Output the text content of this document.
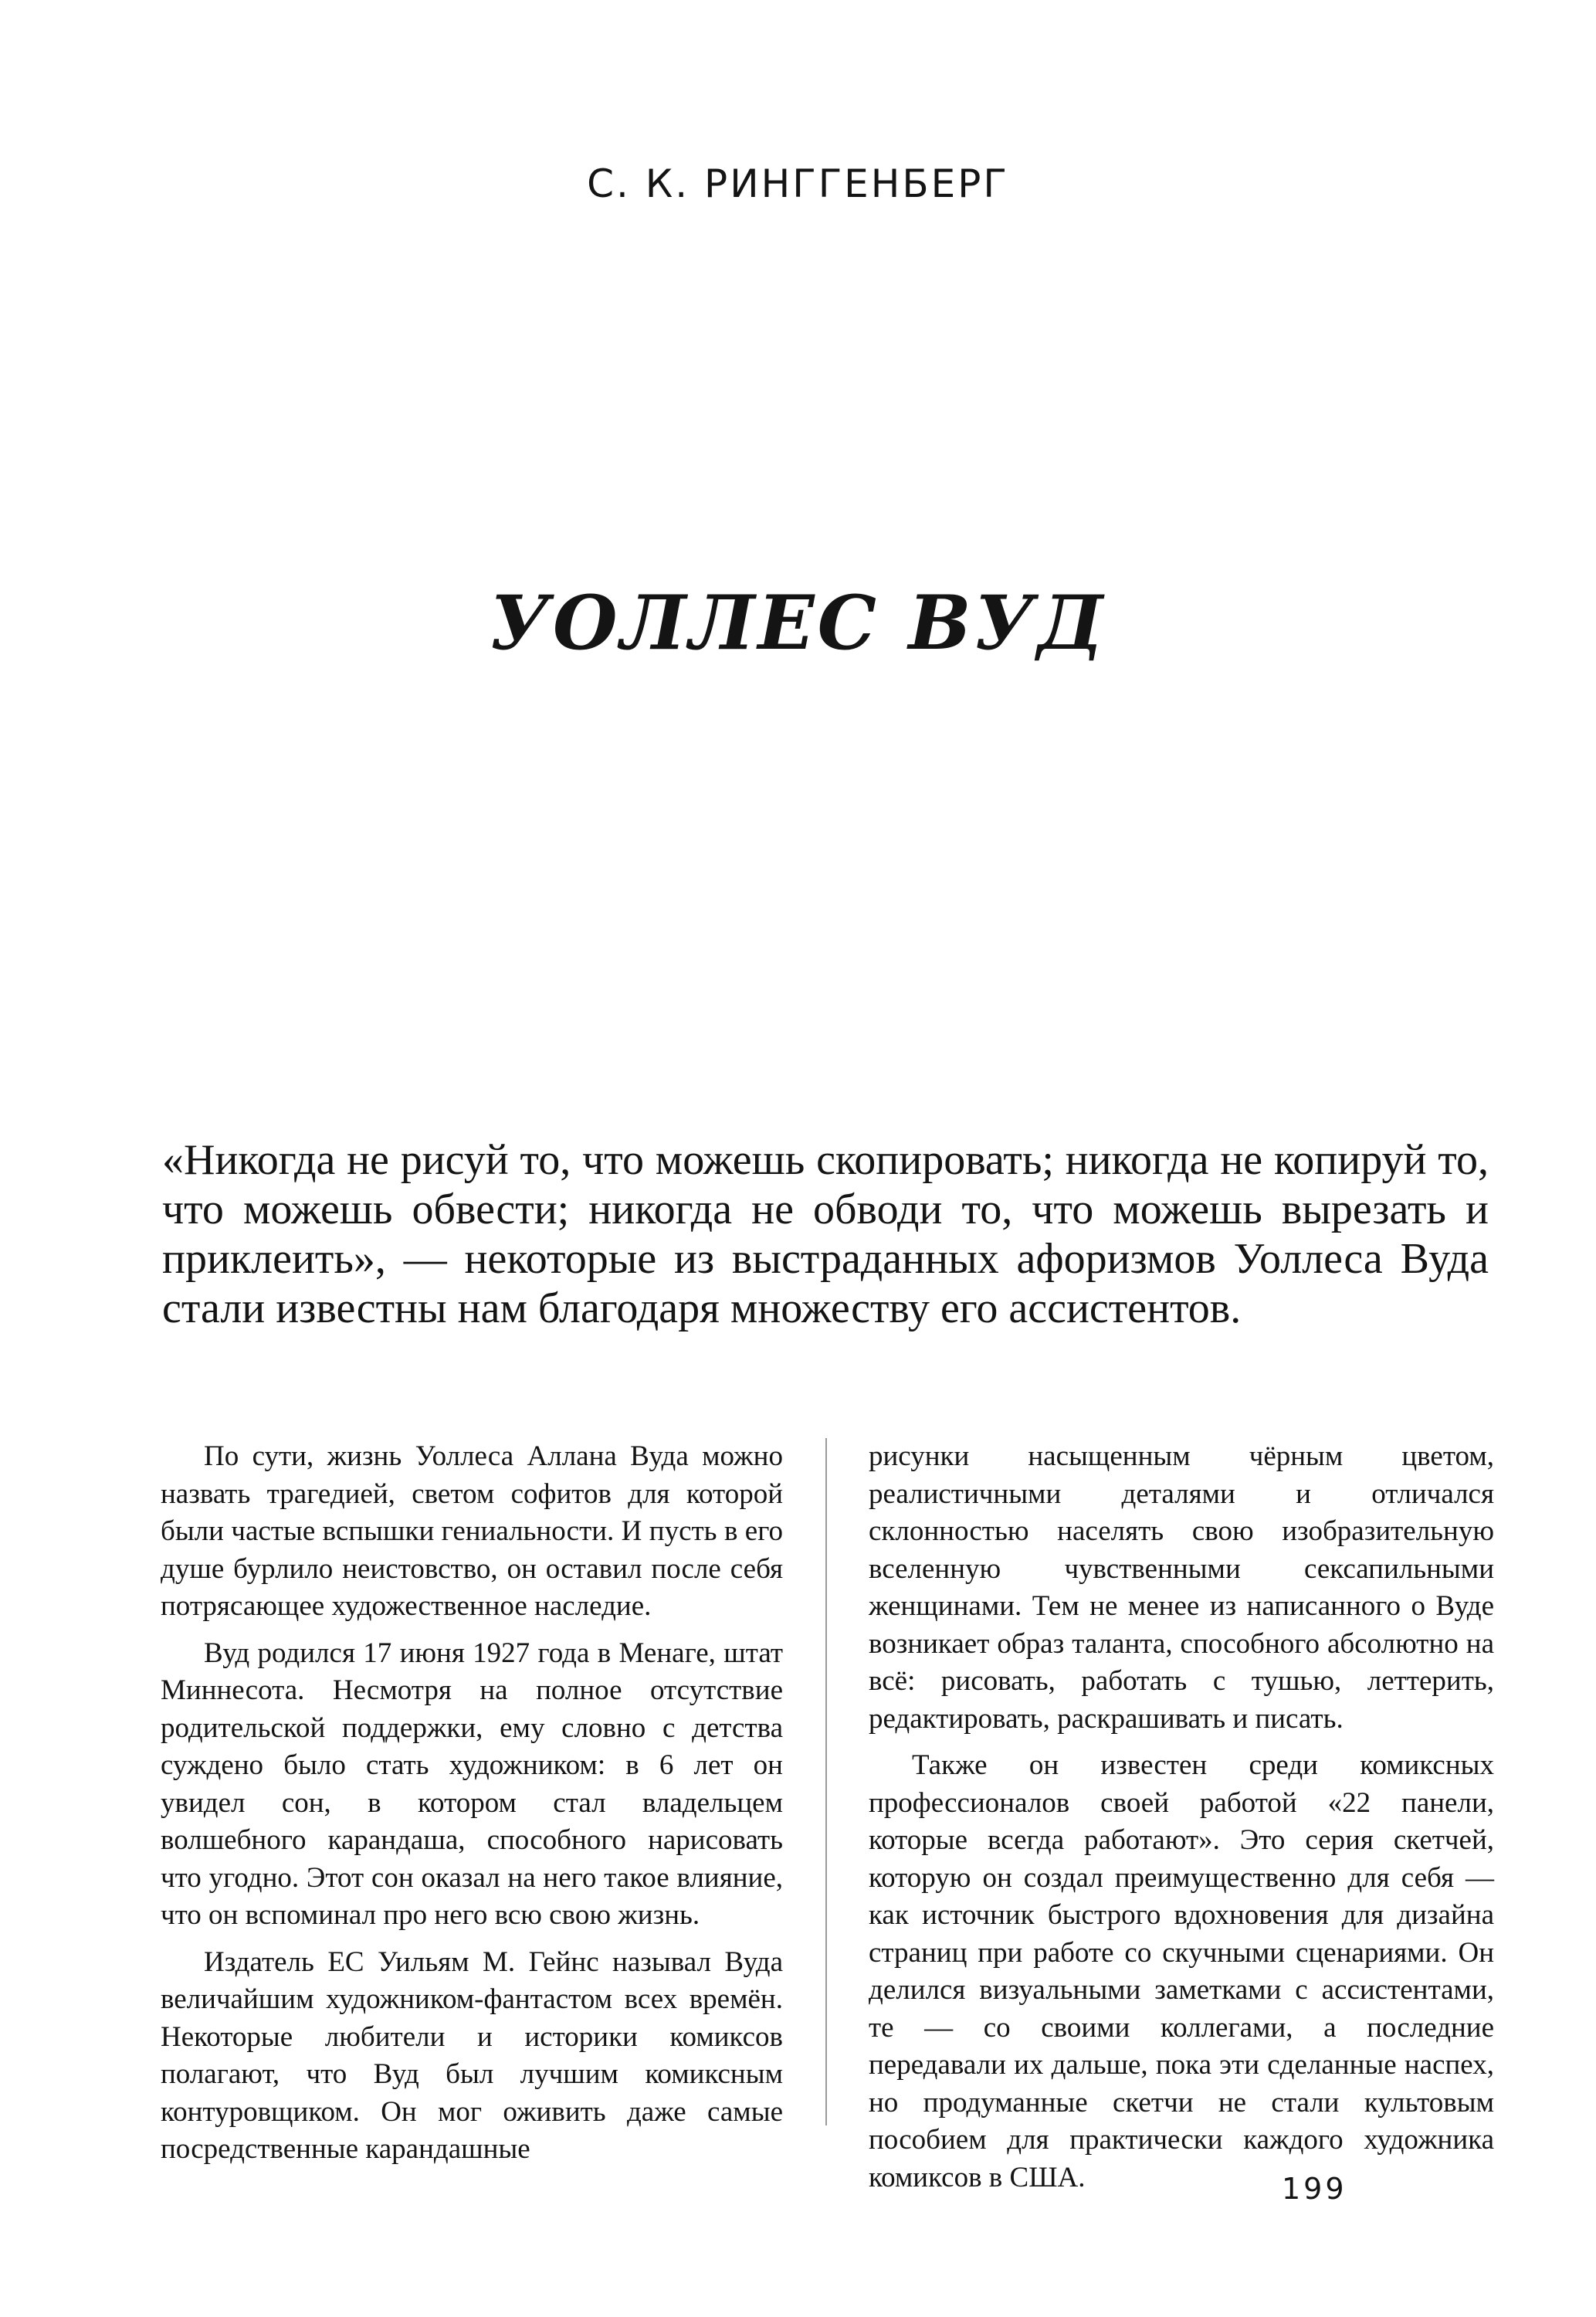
С. К. РИНГГЕНБЕРГ
УОЛЛЕС ВУД

«Никогда не рисуй то, что можешь скопировать; никогда не копируй то, что можешь обвести; никогда не обводи то, что можешь вырезать и приклеить», — некоторые из выстраданных афоризмов Уоллеса Вуда стали известны нам благодаря множеству его ассистентов.

По сути, жизнь Уоллеса Аллана Вуда можно назвать трагедией, светом софитов для которой были частые вспышки гениальности. И пусть в его душе бурлило неистовство, он оставил после себя потрясающее художественное наследие.

Вуд родился 17 июня 1927 года в Менаге, штат Миннесота. Несмотря на полное отсутствие родительской поддержки, ему словно с детства суждено было стать художником: в 6 лет он увидел сон, в котором стал владельцем волшебного карандаша, способного нарисовать что угодно. Этот сон оказал на него такое влияние, что он вспоминал про него всю свою жизнь.

Издатель ЕС Уильям М. Гейнс называл Вуда величайшим художником-фантастом всех времён. Некоторые любители и историки комиксов полагают, что Вуд был лучшим комиксным контуровщиком. Он мог оживить даже самые посредственные карандашные

рисунки насыщенным чёрным цветом, реалистичными деталями и отличался склонностью населять свою изобразительную вселенную чувственными сексапильными женщинами. Тем не менее из написанного о Вуде возникает образ таланта, способного абсолютно на всё: рисовать, работать с тушью, леттерить, редактировать, раскрашивать и писать.

Также он известен среди комиксных профессионалов своей работой «22 панели, которые всегда работают». Это серия скетчей, которую он создал преимущественно для себя — как источник быстрого вдохновения для дизайна страниц при работе со скучными сценариями. Он делился визуальными заметками с ассистентами, те — со своими коллегами, а последние передавали их дальше, пока эти сделанные наспех, но продуманные скетчи не стали культовым пособием для практически каждого художника комиксов в США.	199
